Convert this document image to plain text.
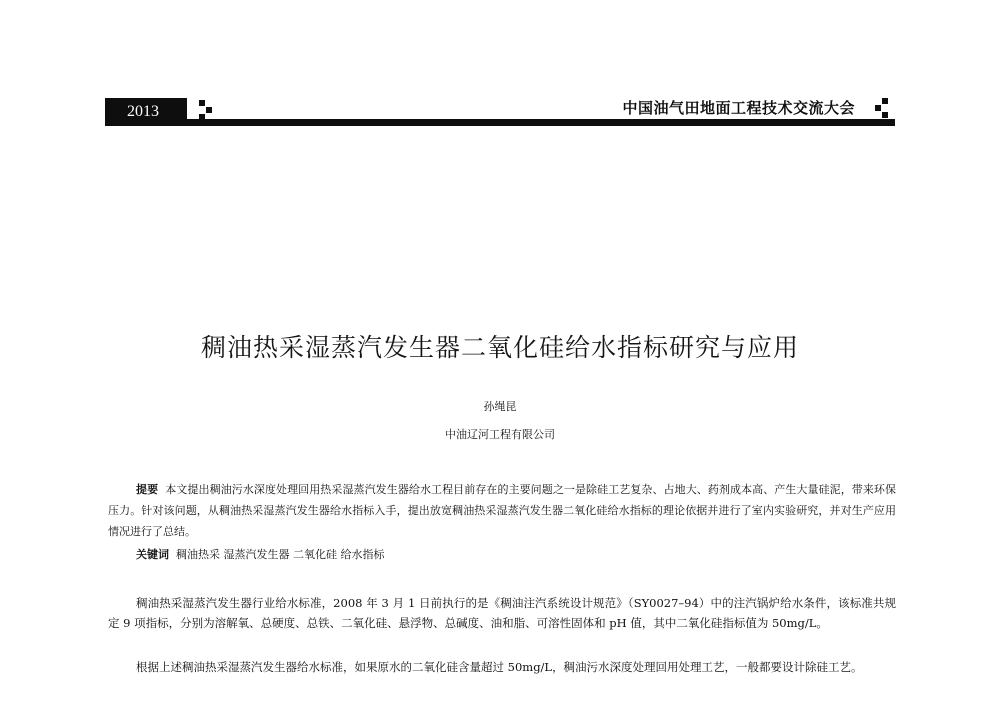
2013	中国油气田地面工程技术交流大会
稠油热采湿蒸汽发生器二氧化硅给水指标研究与应用
孙绳昆
中油辽河工程有限公司
提要 本文提出稠油污水深度处理回用热采湿蒸汽发生器给水工程目前存在的主要问题之一是除硅工艺复杂、占地大、药剂成本高、产生大量硅泥，带来环保压力。针对该问题，从稠油热采湿蒸汽发生器给水指标入手，提出放宽稠油热采湿蒸汽发生器二氧化硅给水指标的理论依据并进行了室内实验研究，并对生产应用情况进行了总结。
关键词 稠油热采 湿蒸汽发生器 二氧化硅 给水指标
稠油热采湿蒸汽发生器行业给水标准，2008 年 3 月 1 日前执行的是《稠油注汽系统设计规范》（SY0027–94）中的注汽锅炉给水条件，该标准共规定 9 项指标，分别为溶解氧、总硬度、总铁、二氧化硅、悬浮物、总碱度、油和脂、可溶性固体和 pH 值，其中二氧化硅指标值为 50mg/L。
根据上述稠油热采湿蒸汽发生器给水标准，如果原水的二氧化硅含量超过 50mg/L，稠油污水深度处理回用处理工艺，一般都要设计除硅工艺。
